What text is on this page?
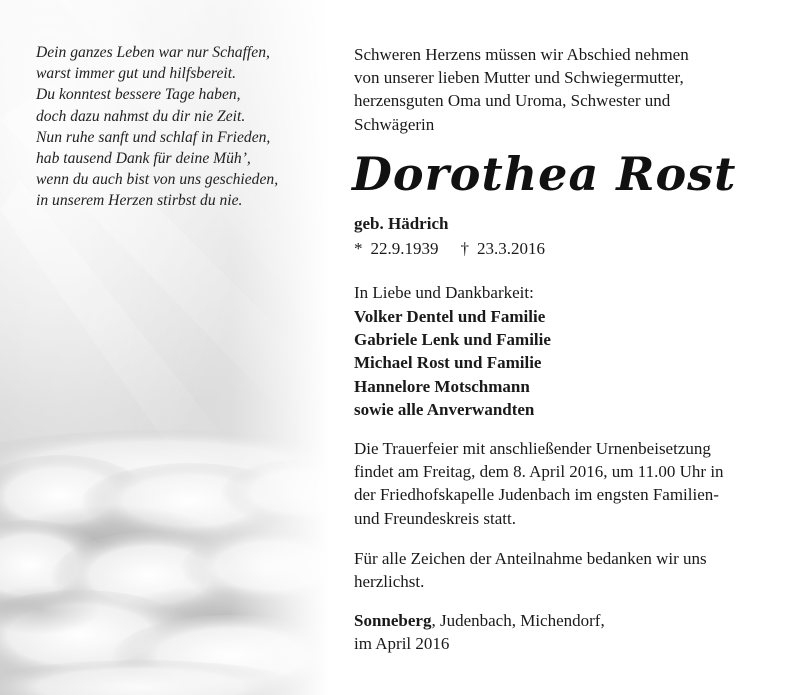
Dein ganzes Leben war nur Schaffen,
warst immer gut und hilfsbereit.
Du konntest bessere Tage haben,
doch dazu nahmst du dir nie Zeit.
Nun ruhe sanft und schlaf in Frieden,
hab tausend Dank für deine Müh’,
wenn du auch bist von uns geschieden,
in unserem Herzen stirbst du nie.
Schweren Herzens müssen wir Abschied nehmen
von unserer lieben Mutter und Schwiegermutter,
herzensguten Oma und Uroma, Schwester und
Schwägerin
Dorothea Rost
geb. Hädrich
* 22.9.1939 † 23.3.2016
In Liebe und Dankbarkeit:
Volker Dentel und Familie
Gabriele Lenk und Familie
Michael Rost und Familie
Hannelore Motschmann
sowie alle Anverwandten
Die Trauerfeier mit anschließender Urnenbeisetzung
findet am Freitag, dem 8. April 2016, um 11.00 Uhr in
der Friedhofskapelle Judenbach im engsten Familien-
und Freundeskreis statt.
Für alle Zeichen der Anteilnahme bedanken wir uns
herzlichst.
Sonneberg, Judenbach, Michendorf,
im April 2016
